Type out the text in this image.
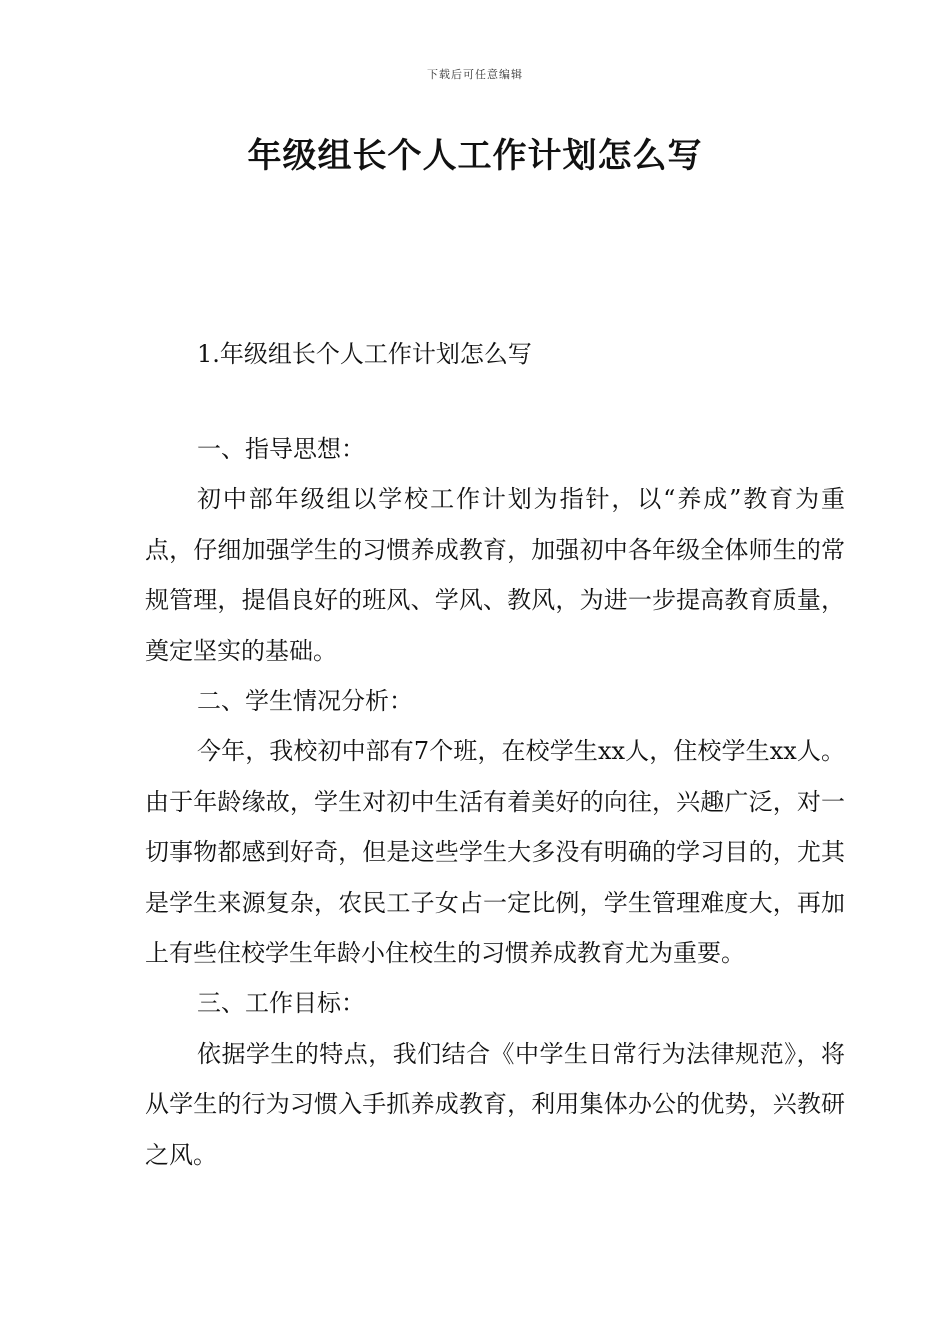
下载后可任意编辑
年级组长个人工作计划怎么写
1.年级组长个人工作计划怎么写

一、指导思想：

初中部年级组以学校工作计划为指针，以“养成”教育为重点，仔细加强学生的习惯养成教育，加强初中各年级全体师生的常规管理，提倡良好的班风、学风、教风，为进一步提高教育质量，奠定坚实的基础。

二、学生情况分析：

今年，我校初中部有7个班，在校学生xx人，住校学生xx人。由于年龄缘故，学生对初中生活有着美好的向往，兴趣广泛，对一切事物都感到好奇，但是这些学生大多没有明确的学习目的，尤其是学生来源复杂，农民工子女占一定比例，学生管理难度大，再加上有些住校学生年龄小住校生的习惯养成教育尤为重要。

三、工作目标：

依据学生的特点，我们结合《中学生日常行为法律规范》，将从学生的行为习惯入手抓养成教育，利用集体办公的优势，兴教研之风。
